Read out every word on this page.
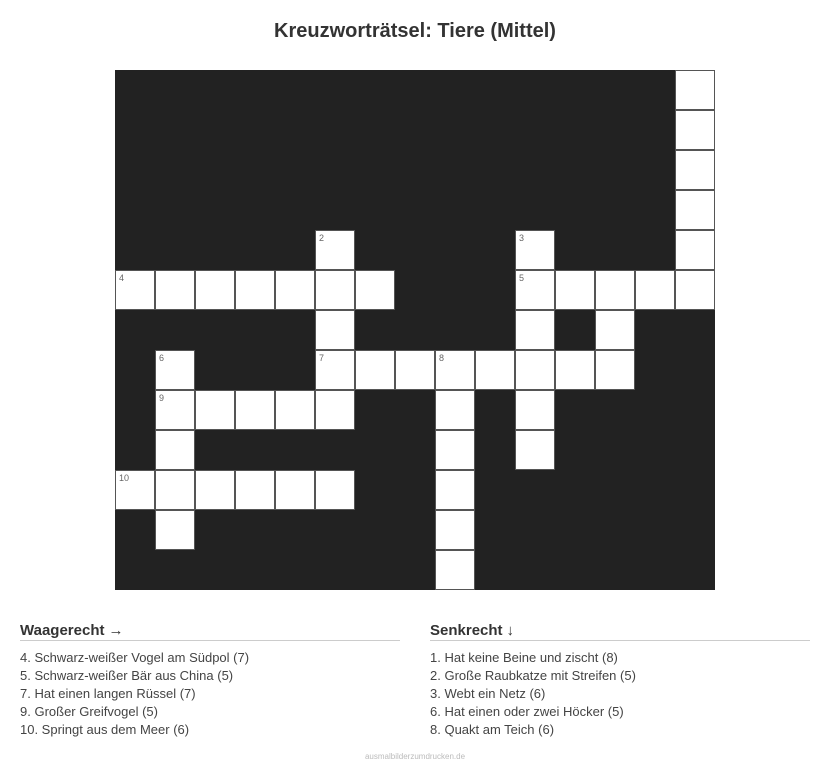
Kreuzworträtsel: Tiere (Mittel)
2	3
4	5
6	7	8
9
10
Waagerecht →
4. Schwarz-weißer Vogel am Südpol (7)
5. Schwarz-weißer Bär aus China (5)
7. Hat einen langen Rüssel (7)
9. Großer Greifvogel (5)
10. Springt aus dem Meer (6)
Senkrecht ↓
1. Hat keine Beine und zischt (8)
2. Große Raubkatze mit Streifen (5)
3. Webt ein Netz (6)
6. Hat einen oder zwei Höcker (5)
8. Quakt am Teich (6)
ausmalbilderzumdrucken.de
